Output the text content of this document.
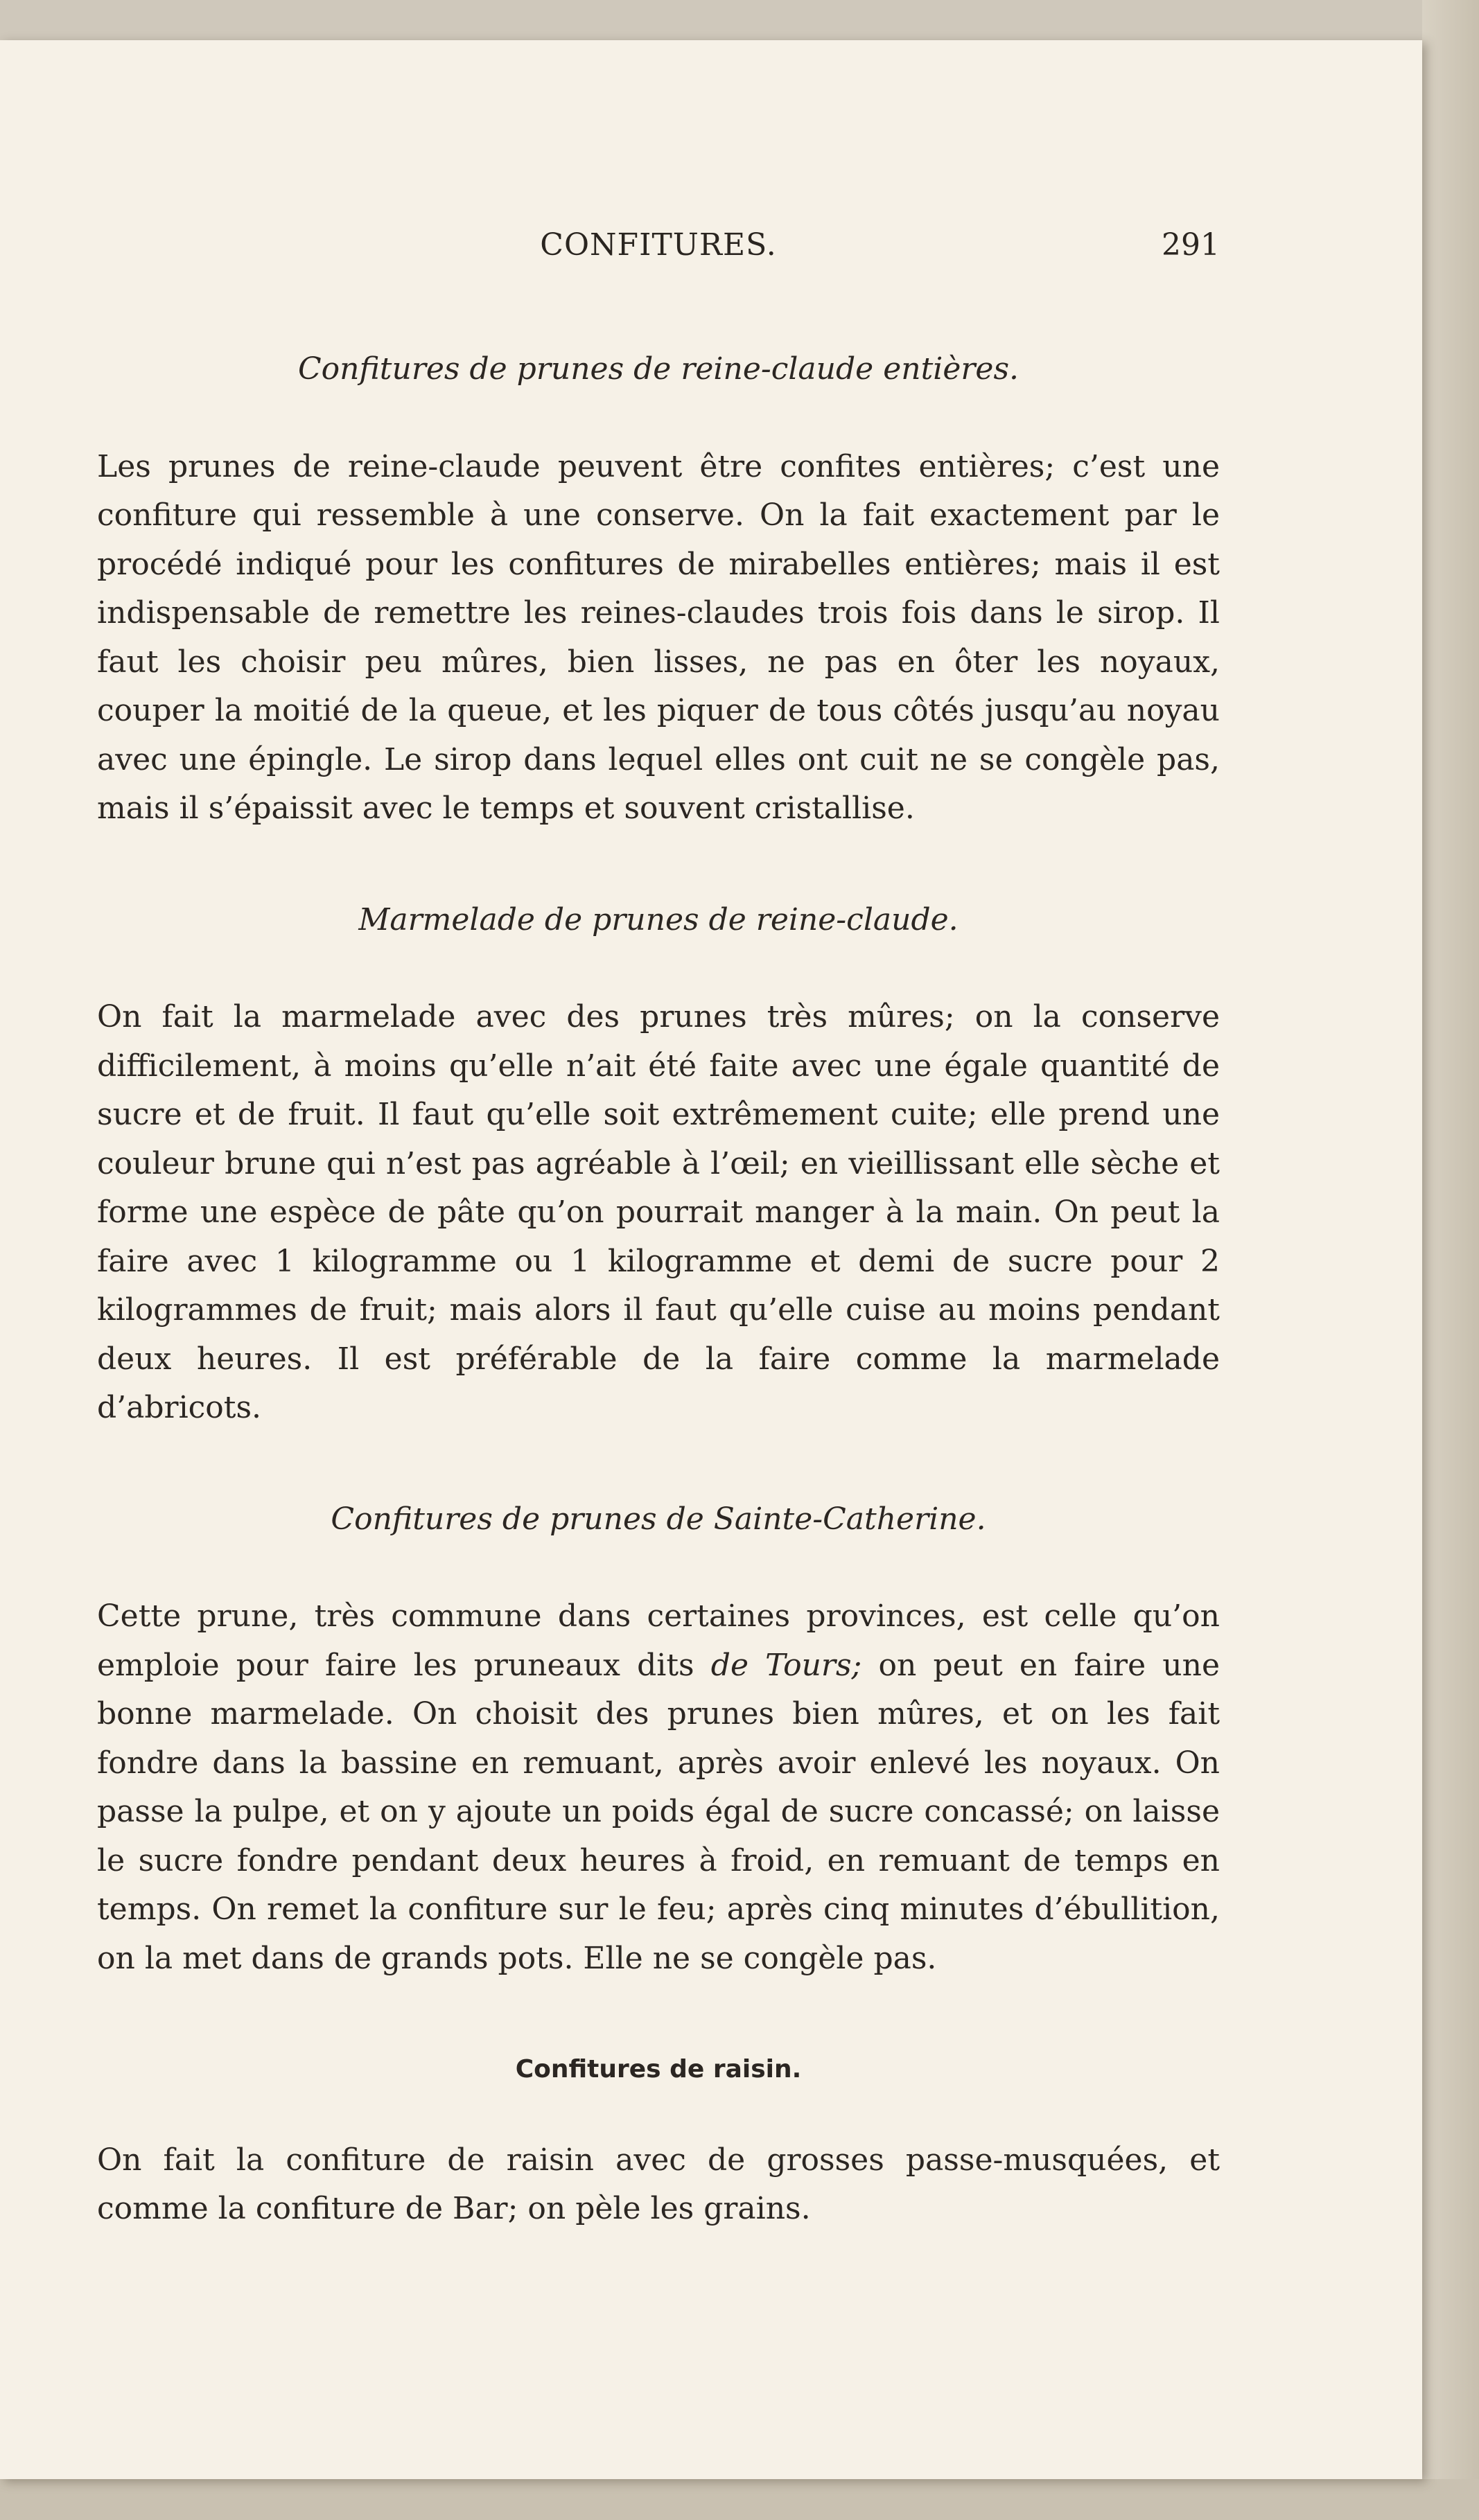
CONFITURES.	291
Confitures de prunes de reine-claude entières.

Les prunes de reine-claude peuvent être confites entières; c’est une confiture qui ressemble à une conserve. On la fait exactement par le procédé indiqué pour les confitures de mirabelles entières; mais il est indispensable de remettre les reines-claudes trois fois dans le sirop. Il faut les choisir peu mûres, bien lisses, ne pas en ôter les noyaux, couper la moitié de la queue, et les piquer de tous côtés jusqu’au noyau avec une épingle. Le sirop dans lequel elles ont cuit ne se congèle pas, mais il s’épaissit avec le temps et souvent cristallise.

Marmelade de prunes de reine-claude.

On fait la marmelade avec des prunes très mûres; on la conserve difficilement, à moins qu’elle n’ait été faite avec une égale quantité de sucre et de fruit. Il faut qu’elle soit extrêmement cuite; elle prend une couleur brune qui n’est pas agréable à l’œil; en vieillissant elle sèche et forme une espèce de pâte qu’on pourrait manger à la main. On peut la faire avec 1 kilogramme ou 1 kilogramme et demi de sucre pour 2 kilogrammes de fruit; mais alors il faut qu’elle cuise au moins pendant deux heures. Il est préférable de la faire comme la marmelade d’abricots.

Confitures de prunes de Sainte-Catherine.

Cette prune, très commune dans certaines provinces, est celle qu’on emploie pour faire les pruneaux dits de Tours; on peut en faire une bonne marmelade. On choisit des prunes bien mûres, et on les fait fondre dans la bassine en remuant, après avoir enlevé les noyaux. On passe la pulpe, et on y ajoute un poids égal de sucre concassé; on laisse le sucre fondre pendant deux heures à froid, en remuant de temps en temps. On remet la confiture sur le feu; après cinq minutes d’ébullition, on la met dans de grands pots. Elle ne se congèle pas.

Confitures de raisin.

On fait la confiture de raisin avec de grosses passe-musquées, et comme la confiture de Bar; on pèle les grains.
